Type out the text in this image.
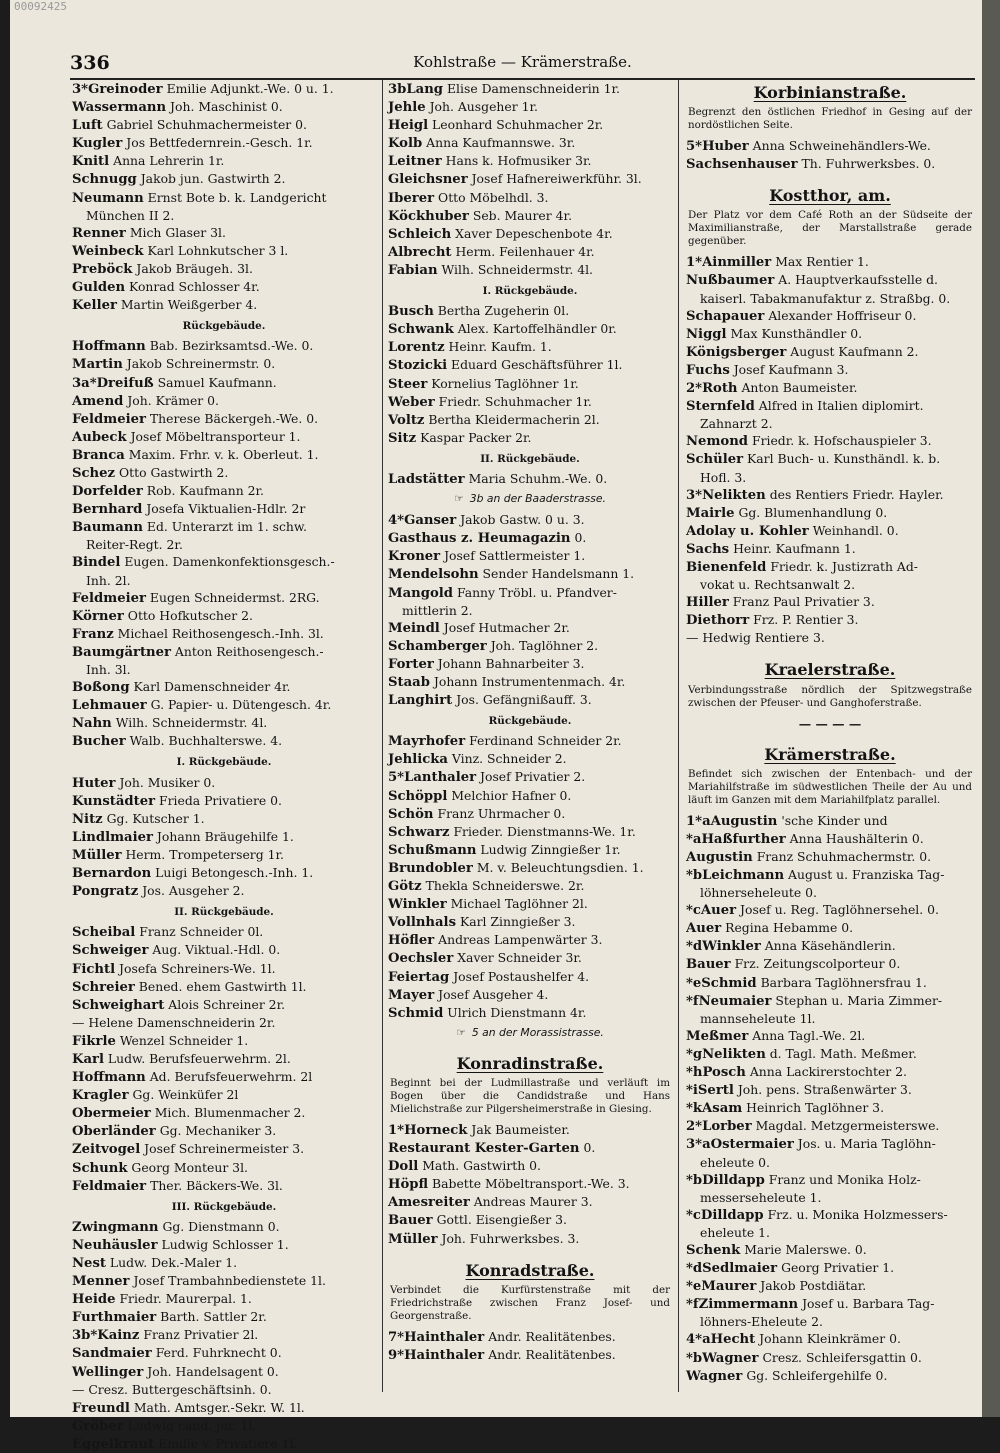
00092425
336	Kohlstraße — Krämerstraße.
3*Greinoder Emilie Adjunkt.-We. 0 u. 1.
Wassermann Joh. Maschinist 0.
Luft Gabriel Schuhmachermeister 0.
Kugler Jos Bettfedernrein.-Gesch. 1r.
Knitl Anna Lehrerin 1r.
Schnugg Jakob jun. Gastwirth 2.
Neumann Ernst Bote b. k. Landgericht
München II 2.
Renner Mich Glaser 3l.
Weinbeck Karl Lohnkutscher 3 l.
Preböck Jakob Bräugeh. 3l.
Gulden Konrad Schlosser 4r.
Keller Martin Weißgerber 4.
Rückgebäude.
Hoffmann Bab. Bezirksamtsd.-We. 0.
Martin Jakob Schreinermstr. 0.
3a*Dreifuß Samuel Kaufmann.
Amend Joh. Krämer 0.
Feldmeier Therese Bäckergeh.-We. 0.
Aubeck Josef Möbeltransporteur 1.
Branca Maxim. Frhr. v. k. Oberleut. 1.
Schez Otto Gastwirth 2.
Dorfelder Rob. Kaufmann 2r.
Bernhard Josefa Viktualien-Hdlr. 2r
Baumann Ed. Unterarzt im 1. schw.
Reiter-Regt. 2r.
Bindel Eugen. Damenkonfektionsgesch.-
Inh. 2l.
Feldmeier Eugen Schneidermst. 2RG.
Körner Otto Hofkutscher 2.
Franz Michael Reithosengesch.-Inh. 3l.
Baumgärtner Anton Reithosengesch.-
Inh. 3l.
Boßong Karl Damenschneider 4r.
Lehmauer G. Papier- u. Dütengesch. 4r.
Nahn Wilh. Schneidermstr. 4l.
Bucher Walb. Buchhalterswe. 4.
I. Rückgebäude.
Huter Joh. Musiker 0.
Kunstädter Frieda Privatiere 0.
Nitz Gg. Kutscher 1.
Lindlmaier Johann Bräugehilfe 1.
Müller Herm. Trompeterserg 1r.
Bernardon Luigi Betongesch.-Inh. 1.
Pongratz Jos. Ausgeher 2.
II. Rückgebäude.
Scheibal Franz Schneider 0l.
Schweiger Aug. Viktual.-Hdl. 0.
Fichtl Josefa Schreiners-We. 1l.
Schreier Bened. ehem Gastwirth 1l.
Schweighart Alois Schreiner 2r.
— Helene Damenschneiderin 2r.
Fikrle Wenzel Schneider 1.
Karl Ludw. Berufsfeuerwehrm. 2l.
Hoffmann Ad. Berufsfeuerwehrm. 2l
Kragler Gg. Weinküfer 2l
Obermeier Mich. Blumenmacher 2.
Oberländer Gg. Mechaniker 3.
Zeitvogel Josef Schreinermeister 3.
Schunk Georg Monteur 3l.
Feldmaier Ther. Bäckers-We. 3l.
III. Rückgebäude.
Zwingmann Gg. Dienstmann 0.
Neuhäusler Ludwig Schlosser 1.
Nest Ludw. Dek.-Maler 1.
Menner Josef Trambahnbedienstete 1l.
Heide Friedr. Maurerpal. 1.
Furthmaier Barth. Sattler 2r.
3b*Kainz Franz Privatier 2l.
Sandmaier Ferd. Fuhrknecht 0.
Wellinger Joh. Handelsagent 0.
— Cresz. Buttergeschäftsinh. 0.
Freundl Math. Amtsger.-Sekr. W. 1l.
Gröber Ludwig cand. jur. 1l.
Eggelkraut Emilie v. Privatiere 1l.
3bLang Elise Damenschneiderin 1r.
Jehle Joh. Ausgeher 1r.
Heigl Leonhard Schuhmacher 2r.
Kolb Anna Kaufmannswe. 3r.
Leitner Hans k. Hofmusiker 3r.
Gleichsner Josef Hafnereiwerkführ. 3l.
Iberer Otto Möbelhdl. 3.
Köckhuber Seb. Maurer 4r.
Schleich Xaver Depeschenbote 4r.
Albrecht Herm. Feilenhauer 4r.
Fabian Wilh. Schneidermstr. 4l.
I. Rückgebäude.
Busch Bertha Zugeherin 0l.
Schwank Alex. Kartoffelhändler 0r.
Lorentz Heinr. Kaufm. 1.
Stozicki Eduard Geschäftsführer 1l.
Steer Kornelius Taglöhner 1r.
Weber Friedr. Schuhmacher 1r.
Voltz Bertha Kleidermacherin 2l.
Sitz Kaspar Packer 2r.
II. Rückgebäude.
Ladstätter Maria Schuhm.-We. 0.
☞ 3b an der Baaderstrasse.
4*Ganser Jakob Gastw. 0 u. 3.
Gasthaus z. Heumagazin 0.
Kroner Josef Sattlermeister 1.
Mendelsohn Sender Handelsmann 1.
Mangold Fanny Tröbl. u. Pfandver-
mittlerin 2.
Meindl Josef Hutmacher 2r.
Schamberger Joh. Taglöhner 2.
Forter Johann Bahnarbeiter 3.
Staab Johann Instrumentenmach. 4r.
Langhirt Jos. Gefängnißauff. 3.
Rückgebäude.
Mayrhofer Ferdinand Schneider 2r.
Jehlicka Vinz. Schneider 2.
5*Lanthaler Josef Privatier 2.
Schöppl Melchior Hafner 0.
Schön Franz Uhrmacher 0.
Schwarz Frieder. Dienstmanns-We. 1r.
Schußmann Ludwig Zinngießer 1r.
Brundobler M. v. Beleuchtungsdien. 1.
Götz Thekla Schneiderswe. 2r.
Winkler Michael Taglöhner 2l.
Vollnhals Karl Zinngießer 3.
Höfler Andreas Lampenwärter 3.
Oechsler Xaver Schneider 3r.
Feiertag Josef Postaushelfer 4.
Mayer Josef Ausgeher 4.
Schmid Ulrich Dienstmann 4r.
☞ 5 an der Morassistrasse.
Konradinstraße.
Beginnt bei der Ludmillastraße und verläuft im Bogen über die Candidstraße und Hans Mielichstraße zur Pilgersheimerstraße in Giesing.
1*Horneck Jak Baumeister.
Restaurant Kester-Garten 0.
Doll Math. Gastwirth 0.
Höpfl Babette Möbeltransport.-We. 3.
Amesreiter Andreas Maurer 3.
Bauer Gottl. Eisengießer 3.
Müller Joh. Fuhrwerksbes. 3.
Konradstraße.
Verbindet die Kurfürstenstraße mit der Friedrichstraße zwischen Franz Josef- und Georgenstraße.
7*Hainthaler Andr. Realitätenbes.
9*Hainthaler Andr. Realitätenbes.
Korbinianstraße.
Begrenzt den östlichen Friedhof in Gesing auf der nordöstlichen Seite.
5*Huber Anna Schweinehändlers-We.
Sachsenhauser Th. Fuhrwerksbes. 0.
Kostthor, am.
Der Platz vor dem Café Roth an der Südseite der Maximilianstraße, der Marstallstraße gerade gegenüber.
1*Ainmiller Max Rentier 1.
Nußbaumer A. Hauptverkaufsstelle d.
kaiserl. Tabakmanufaktur z. Straßbg. 0.
Schapauer Alexander Hoffriseur 0.
Niggl Max Kunsthändler 0.
Königsberger August Kaufmann 2.
Fuchs Josef Kaufmann 3.
2*Roth Anton Baumeister.
Sternfeld Alfred in Italien diplomirt.
Zahnarzt 2.
Nemond Friedr. k. Hofschauspieler 3.
Schüler Karl Buch- u. Kunsthändl. k. b.
Hofl. 3.
3*Nelikten des Rentiers Friedr. Hayler.
Mairle Gg. Blumenhandlung 0.
Adolay u. Kohler Weinhandl. 0.
Sachs Heinr. Kaufmann 1.
Bienenfeld Friedr. k. Justizrath Ad-
vokat u. Rechtsanwalt 2.
Hiller Franz Paul Privatier 3.
Diethorr Frz. P. Rentier 3.
— Hedwig Rentiere 3.
Kraelerstraße.
Verbindungsstraße nördlich der Spitzwegstraße zwischen der Pfeuser- und Ganghoferstraße.
— — — —
Krämerstraße.
Befindet sich zwischen der Entenbach- und der Mariahilfstraße im südwestlichen Theile der Au und läuft im Ganzen mit dem Mariahilfplatz parallel.
1*aAugustin 'sche Kinder und
*aHaßfurther Anna Haushälterin 0.
Augustin Franz Schuhmachermstr. 0.
*bLeichmann August u. Franziska Tag-
löhnerseheleute 0.
*cAuer Josef u. Reg. Taglöhnersehel. 0.
Auer Regina Hebamme 0.
*dWinkler Anna Käsehändlerin.
Bauer Frz. Zeitungscolporteur 0.
*eSchmid Barbara Taglöhnersfrau 1.
*fNeumaier Stephan u. Maria Zimmer-
mannseheleute 1l.
Meßmer Anna Tagl.-We. 2l.
*gNelikten d. Tagl. Math. Meßmer.
*hPosch Anna Lackirerstochter 2.
*iSertl Joh. pens. Straßenwärter 3.
*kAsam Heinrich Taglöhner 3.
2*Lorber Magdal. Metzgermeisterswe.
3*aOstermaier Jos. u. Maria Taglöhn-
eheleute 0.
*bDilldapp Franz und Monika Holz-
messerseheleute 1.
*cDilldapp Frz. u. Monika Holzmessers-
eheleute 1.
Schenk Marie Malerswe. 0.
*dSedlmaier Georg Privatier 1.
*eMaurer Jakob Postdiätar.
*fZimmermann Josef u. Barbara Tag-
löhners-Eheleute 2.
4*aHecht Johann Kleinkrämer 0.
*bWagner Cresz. Schleifersgattin 0.
Wagner Gg. Schleifergehilfe 0.
